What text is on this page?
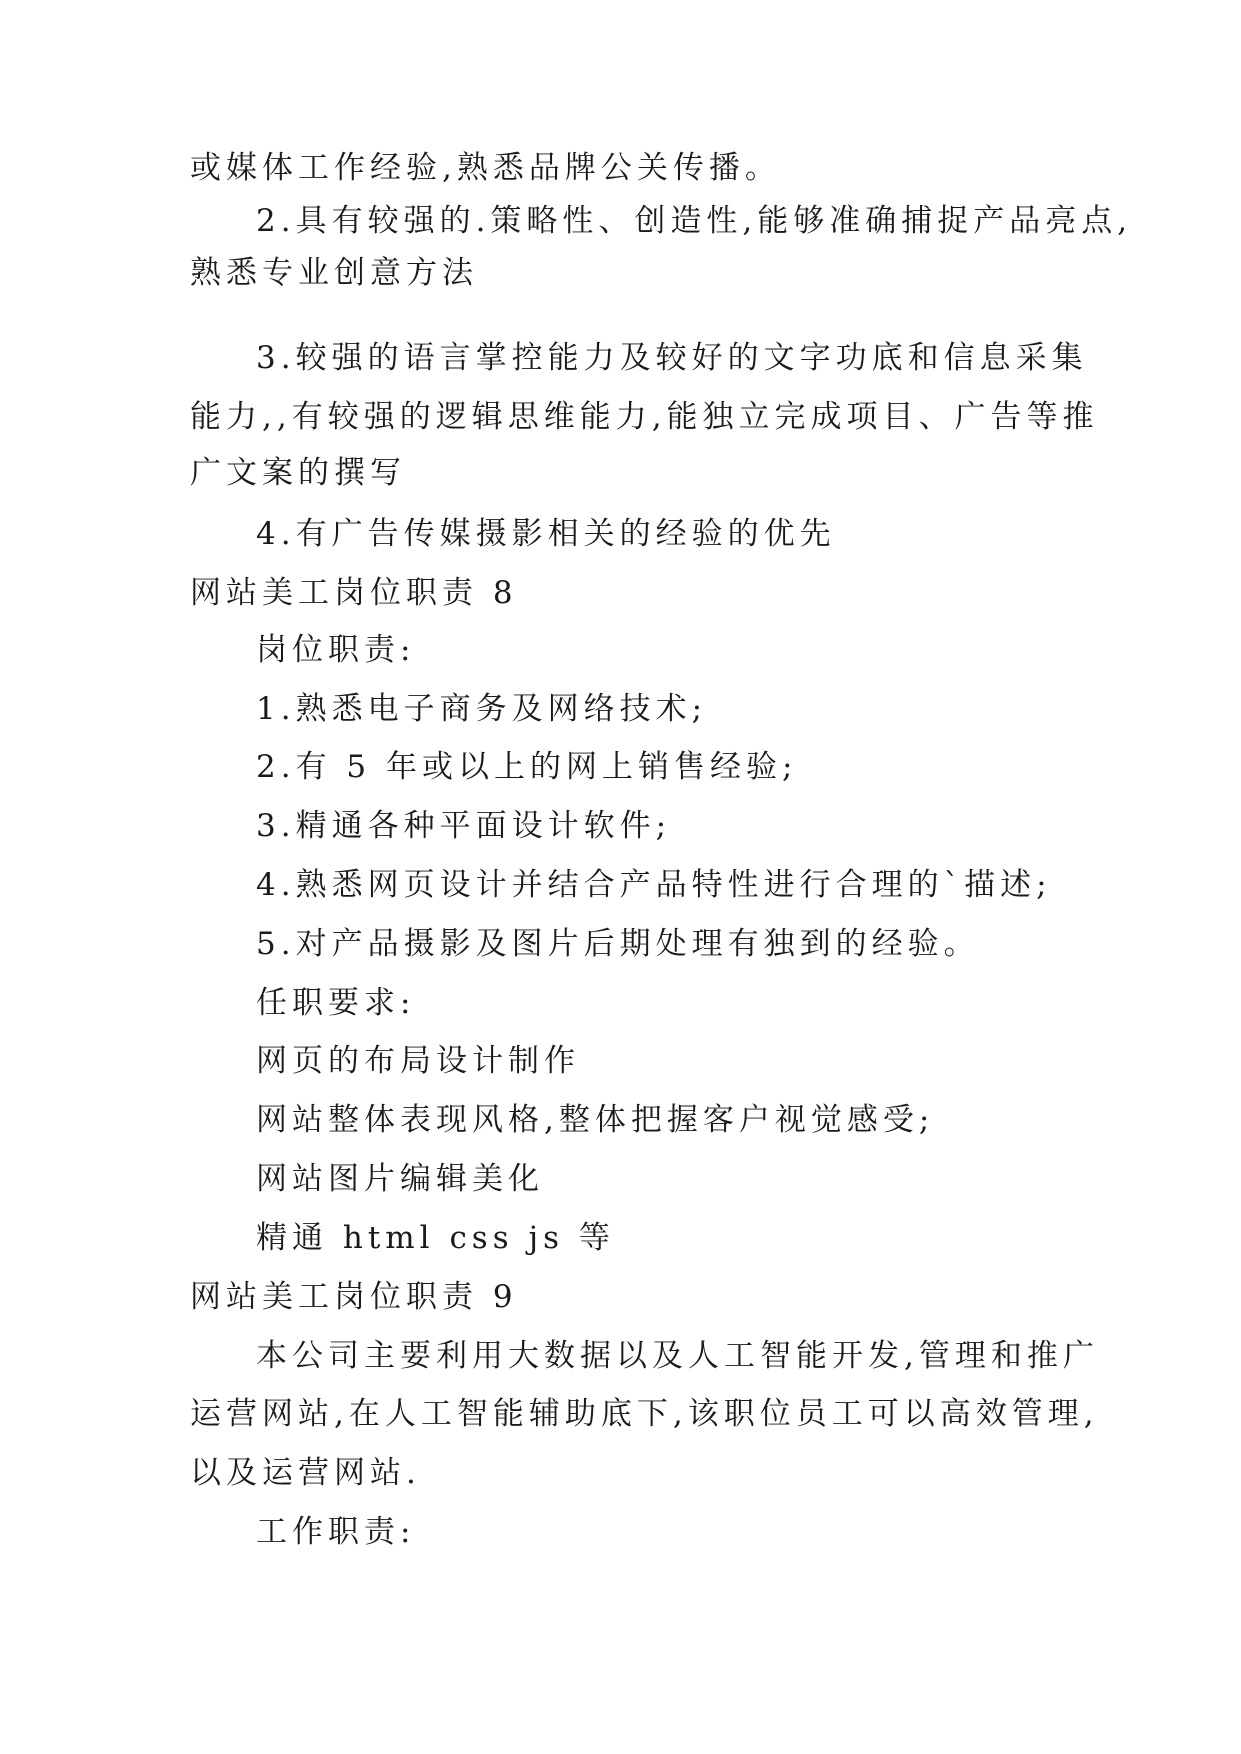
或媒体工作经验,熟悉品牌公关传播。

2.具有较强的.策略性、创造性,能够准确捕捉产品亮点,

熟悉专业创意方法

3.较强的语言掌控能力及较好的文字功底和信息采集

能力,,有较强的逻辑思维能力,能独立完成项目、广告等推

广文案的撰写

4.有广告传媒摄影相关的经验的优先

网站美工岗位职责 8

岗位职责:

1.熟悉电子商务及网络技术;

2.有 5 年或以上的网上销售经验;

3.精通各种平面设计软件;

4.熟悉网页设计并结合产品特性进行合理的`描述;

5.对产品摄影及图片后期处理有独到的经验。

任职要求:

网页的布局设计制作

网站整体表现风格,整体把握客户视觉感受;

网站图片编辑美化

精通 html css js 等

网站美工岗位职责 9

本公司主要利用大数据以及人工智能开发,管理和推广

运营网站,在人工智能辅助底下,该职位员工可以高效管理,

以及运营网站.

工作职责:
